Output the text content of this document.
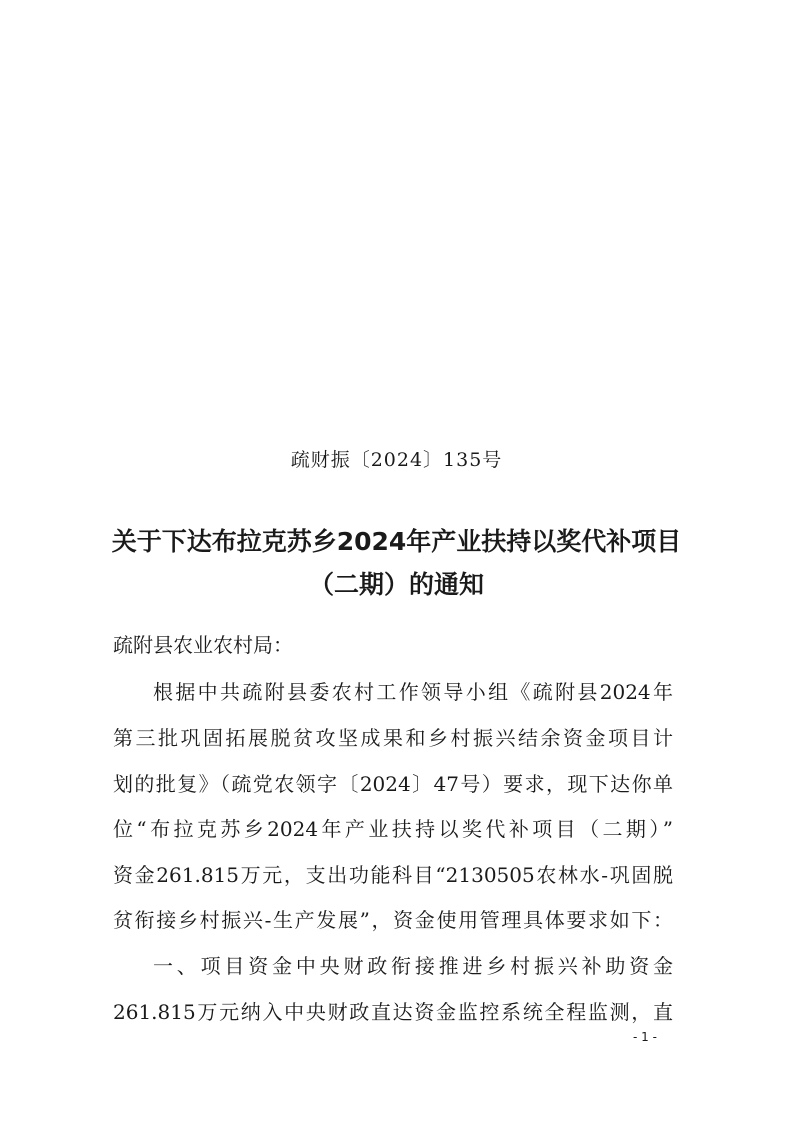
疏财振〔2024〕135号
关于下达布拉克苏乡2024年产业扶持以奖代补项目
（二期）的通知
疏附县农业农村局：
根据中共疏附县委农村工作领导小组《疏附县2024年
第三批巩固拓展脱贫攻坚成果和乡村振兴结余资金项目计
划的批复》（疏党农领字〔2024〕47号）要求，现下达你单
位“布拉克苏乡2024年产业扶持以奖代补项目（二期）”
资金261.815万元，支出功能科目“2130505农林水-巩固脱
贫衔接乡村振兴-生产发展”，资金使用管理具体要求如下：
一、项目资金中央财政衔接推进乡村振兴补助资金
261.815万元纳入中央财政直达资金监控系统全程监测，直
- 1 -
